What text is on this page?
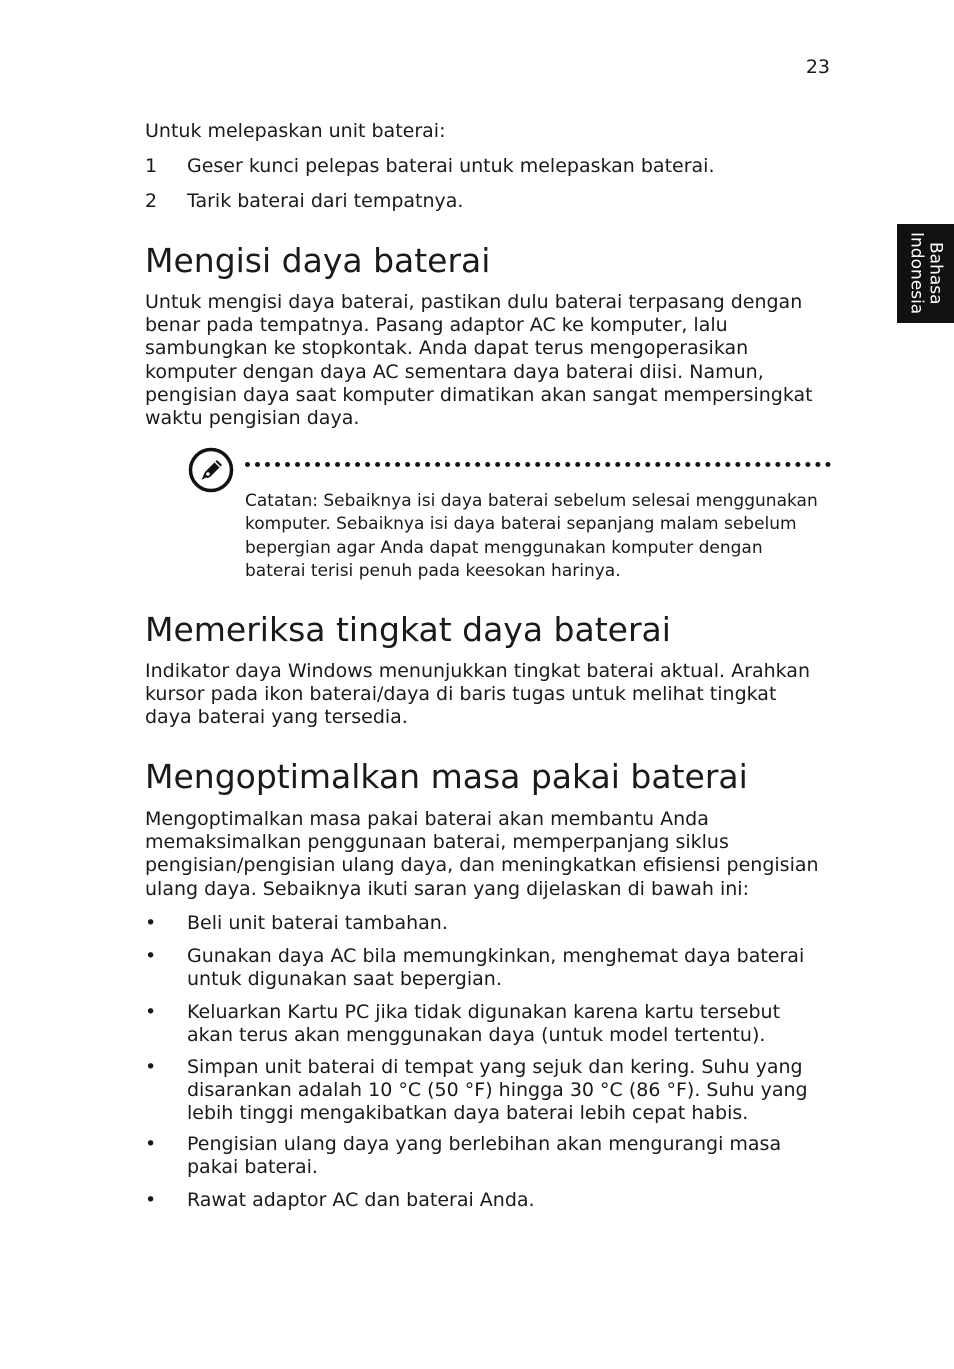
23
Bahasa Indonesia

Untuk melepaskan unit baterai:

1 Geser kunci pelepas baterai untuk melepaskan baterai.
2 Tarik baterai dari tempatnya.
Mengisi daya baterai
Untuk mengisi daya baterai, pastikan dulu baterai terpasang dengan
benar pada tempatnya. Pasang adaptor AC ke komputer, lalu
sambungkan ke stopkontak. Anda dapat terus mengoperasikan
komputer dengan daya AC sementara daya baterai diisi. Namun,
pengisian daya saat komputer dimatikan akan sangat mempersingkat
waktu pengisian daya.
Catatan: Sebaiknya isi daya baterai sebelum selesai menggunakan
komputer. Sebaiknya isi daya baterai sepanjang malam sebelum
bepergian agar Anda dapat menggunakan komputer dengan
baterai terisi penuh pada keesokan harinya.
Memeriksa tingkat daya baterai
Indikator daya Windows menunjukkan tingkat baterai aktual. Arahkan
kursor pada ikon baterai/daya di baris tugas untuk melihat tingkat
daya baterai yang tersedia.
Mengoptimalkan masa pakai baterai
Mengoptimalkan masa pakai baterai akan membantu Anda
memaksimalkan penggunaan baterai, memperpanjang siklus
pengisian/pengisian ulang daya, dan meningkatkan efisiensi pengisian
ulang daya. Sebaiknya ikuti saran yang dijelaskan di bawah ini:
• Beli unit baterai tambahan.
• Gunakan daya AC bila memungkinkan, menghemat daya baterai
untuk digunakan saat bepergian.
• Keluarkan Kartu PC jika tidak digunakan karena kartu tersebut
akan terus akan menggunakan daya (untuk model tertentu).
• Simpan unit baterai di tempat yang sejuk dan kering. Suhu yang
disarankan adalah 10 °C (50 °F) hingga 30 °C (86 °F). Suhu yang
lebih tinggi mengakibatkan daya baterai lebih cepat habis.
• Pengisian ulang daya yang berlebihan akan mengurangi masa
pakai baterai.
• Rawat adaptor AC dan baterai Anda.
